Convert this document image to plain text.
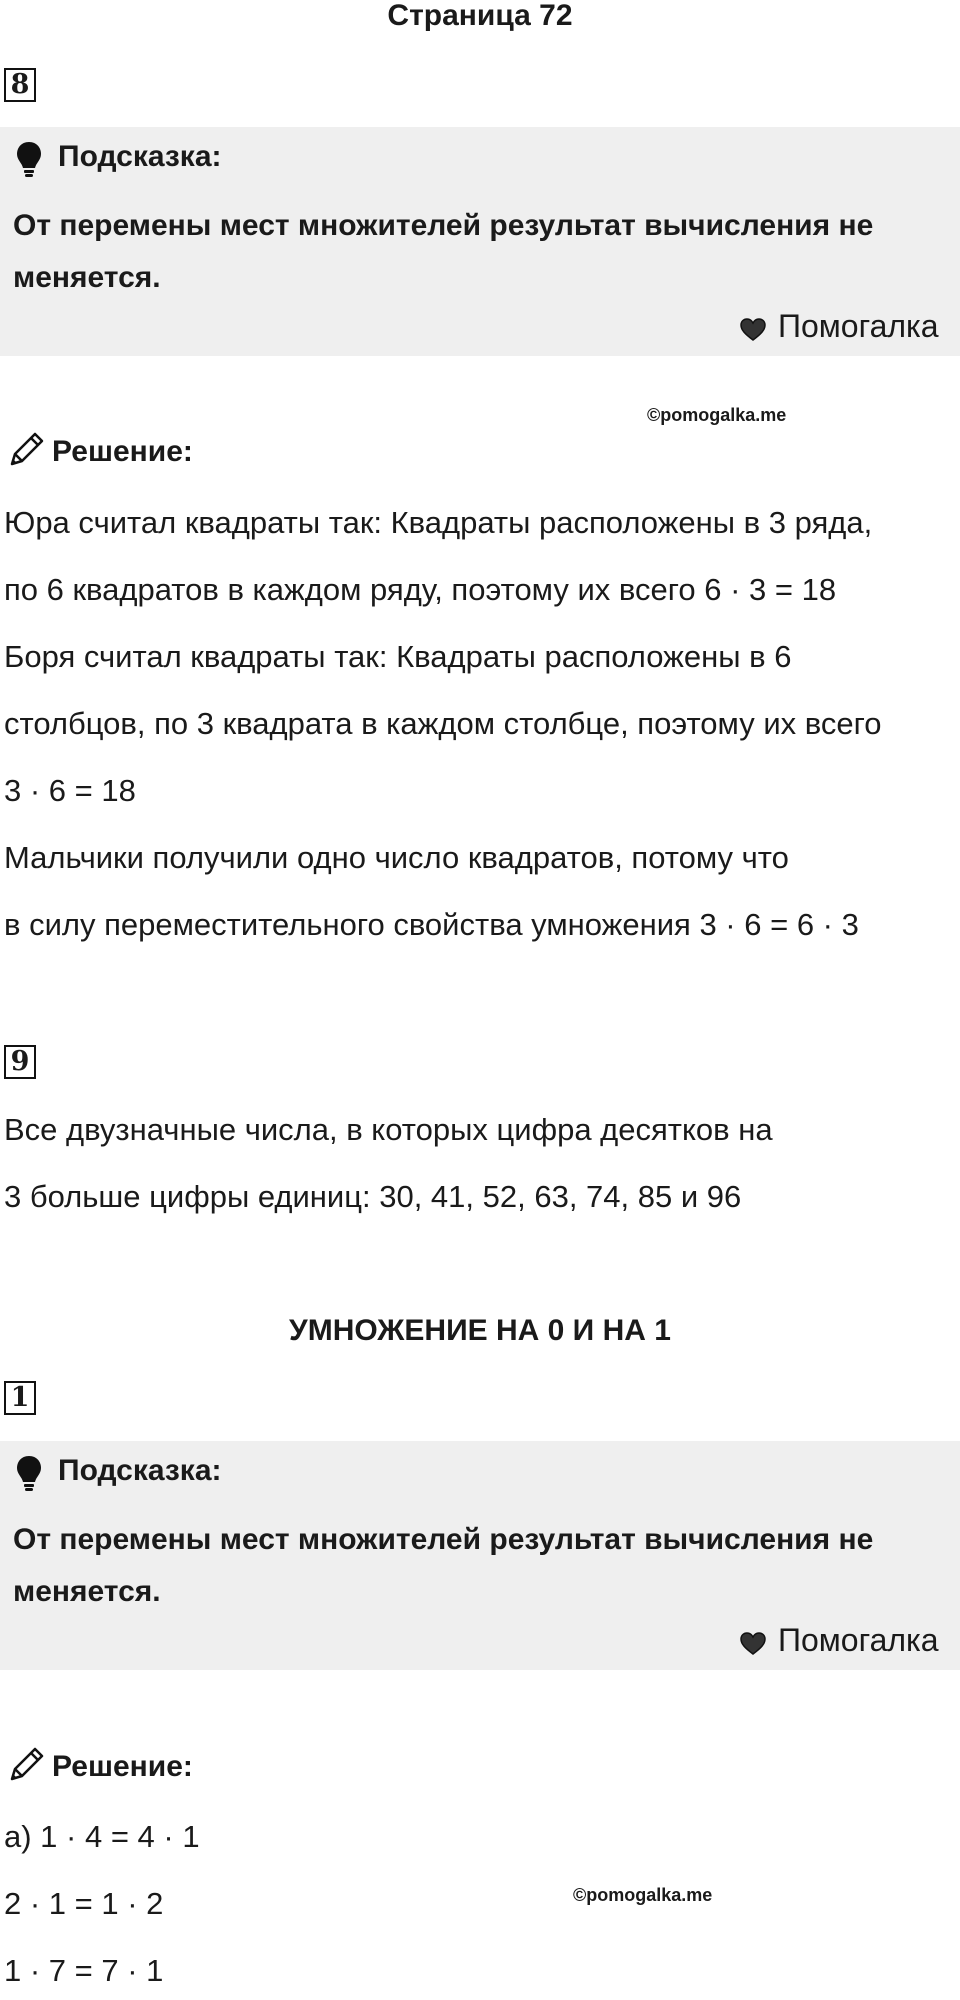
Страница 72
8
Подсказка:
От перемены мест множителей результат вычисления не
меняется.
Помогалка
©pomogalka.me
Решение:
Юра считал квадраты так: Квадраты расположены в 3 ряда,
по 6 квадратов в каждом ряду, поэтому их всего 6 · 3 = 18
Боря считал квадраты так: Квадраты расположены в 6
столбцов, по 3 квадрата в каждом столбце, поэтому их всего
3 · 6 = 18
Мальчики получили одно число квадратов, потому что
в силу переместительного свойства умножения 3 · 6 = 6 · 3
9
Все двузначные числа, в которых цифра десятков на
3 больше цифры единиц: 30, 41, 52, 63, 74, 85 и 96
УМНОЖЕНИЕ НА 0 И НА 1
1
Подсказка:
От перемены мест множителей результат вычисления не
меняется.
Помогалка
Решение:
а) 1 · 4 = 4 · 1
2 · 1 = 1 · 2	©pomogalka.me
1 · 7 = 7 · 1
